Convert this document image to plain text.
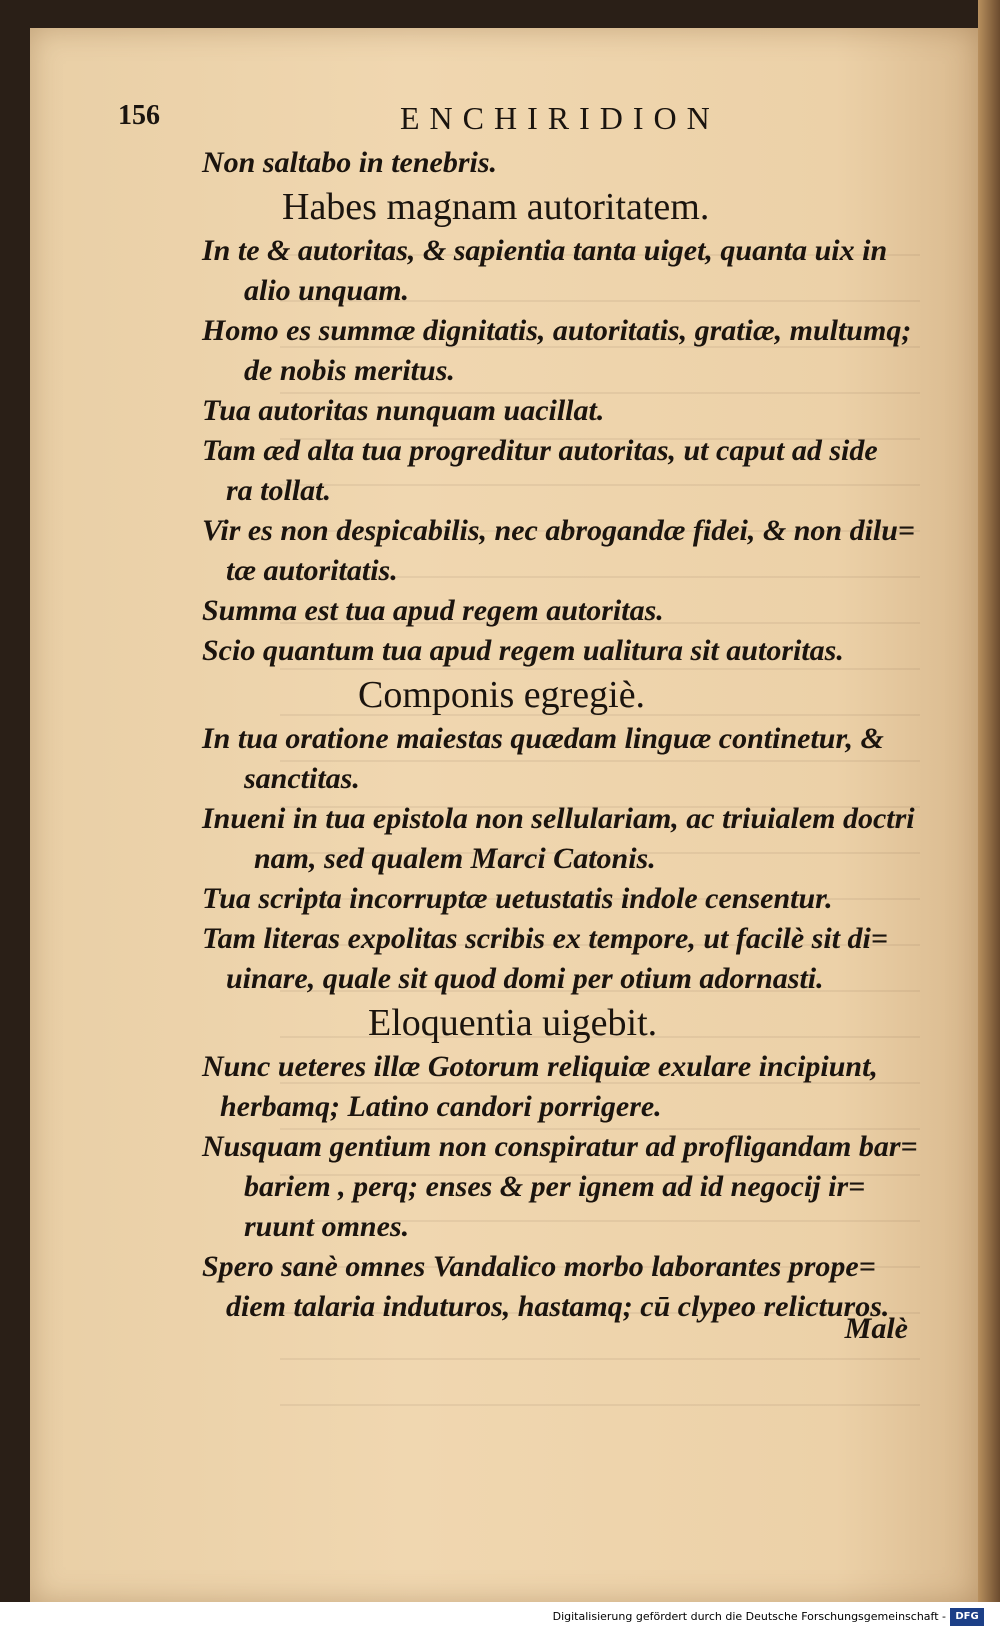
156	ENCHIRIDION
Non saltabo in tenebris.
Habes magnam autoritatem.
In te & autoritas, & sapientia tanta uiget, quanta uix in
alio unquam.
Homo es summæ dignitatis, autoritatis, gratiæ, multumq;
de nobis meritus.
Tua autoritas nunquam uacillat.
Tam æd alta tua progreditur autoritas, ut caput ad side
ra tollat.
Vir es non despicabilis, nec abrogandæ fidei, & non dilu=
tæ autoritatis.
Summa est tua apud regem autoritas.
Scio quantum tua apud regem ualitura sit autoritas.
Componis egregiè.
In tua oratione maiestas quædam linguæ continetur, &
sanctitas.
Inueni in tua epistola non sellulariam, ac triuialem doctri
nam, sed qualem Marci Catonis.
Tua scripta incorruptæ uetustatis indole censentur.
Tam literas expolitas scribis ex tempore, ut facilè sit di=
uinare, quale sit quod domi per otium adornasti.
Eloquentia uigebit.
Nunc ueteres illæ Gotorum reliquiæ exulare incipiunt,
herbamq; Latino candori porrigere.
Nusquam gentium non conspiratur ad profligandam bar=
bariem , perq; enses & per ignem ad id negocij ir=
ruunt omnes.
Spero sanè omnes Vandalico morbo laborantes prope=
diem talaria induturos, hastamq; cū clypeo relicturos.
Malè
Digitalisierung gefördert durch die Deutsche Forschungsgemeinschaft - DFG
